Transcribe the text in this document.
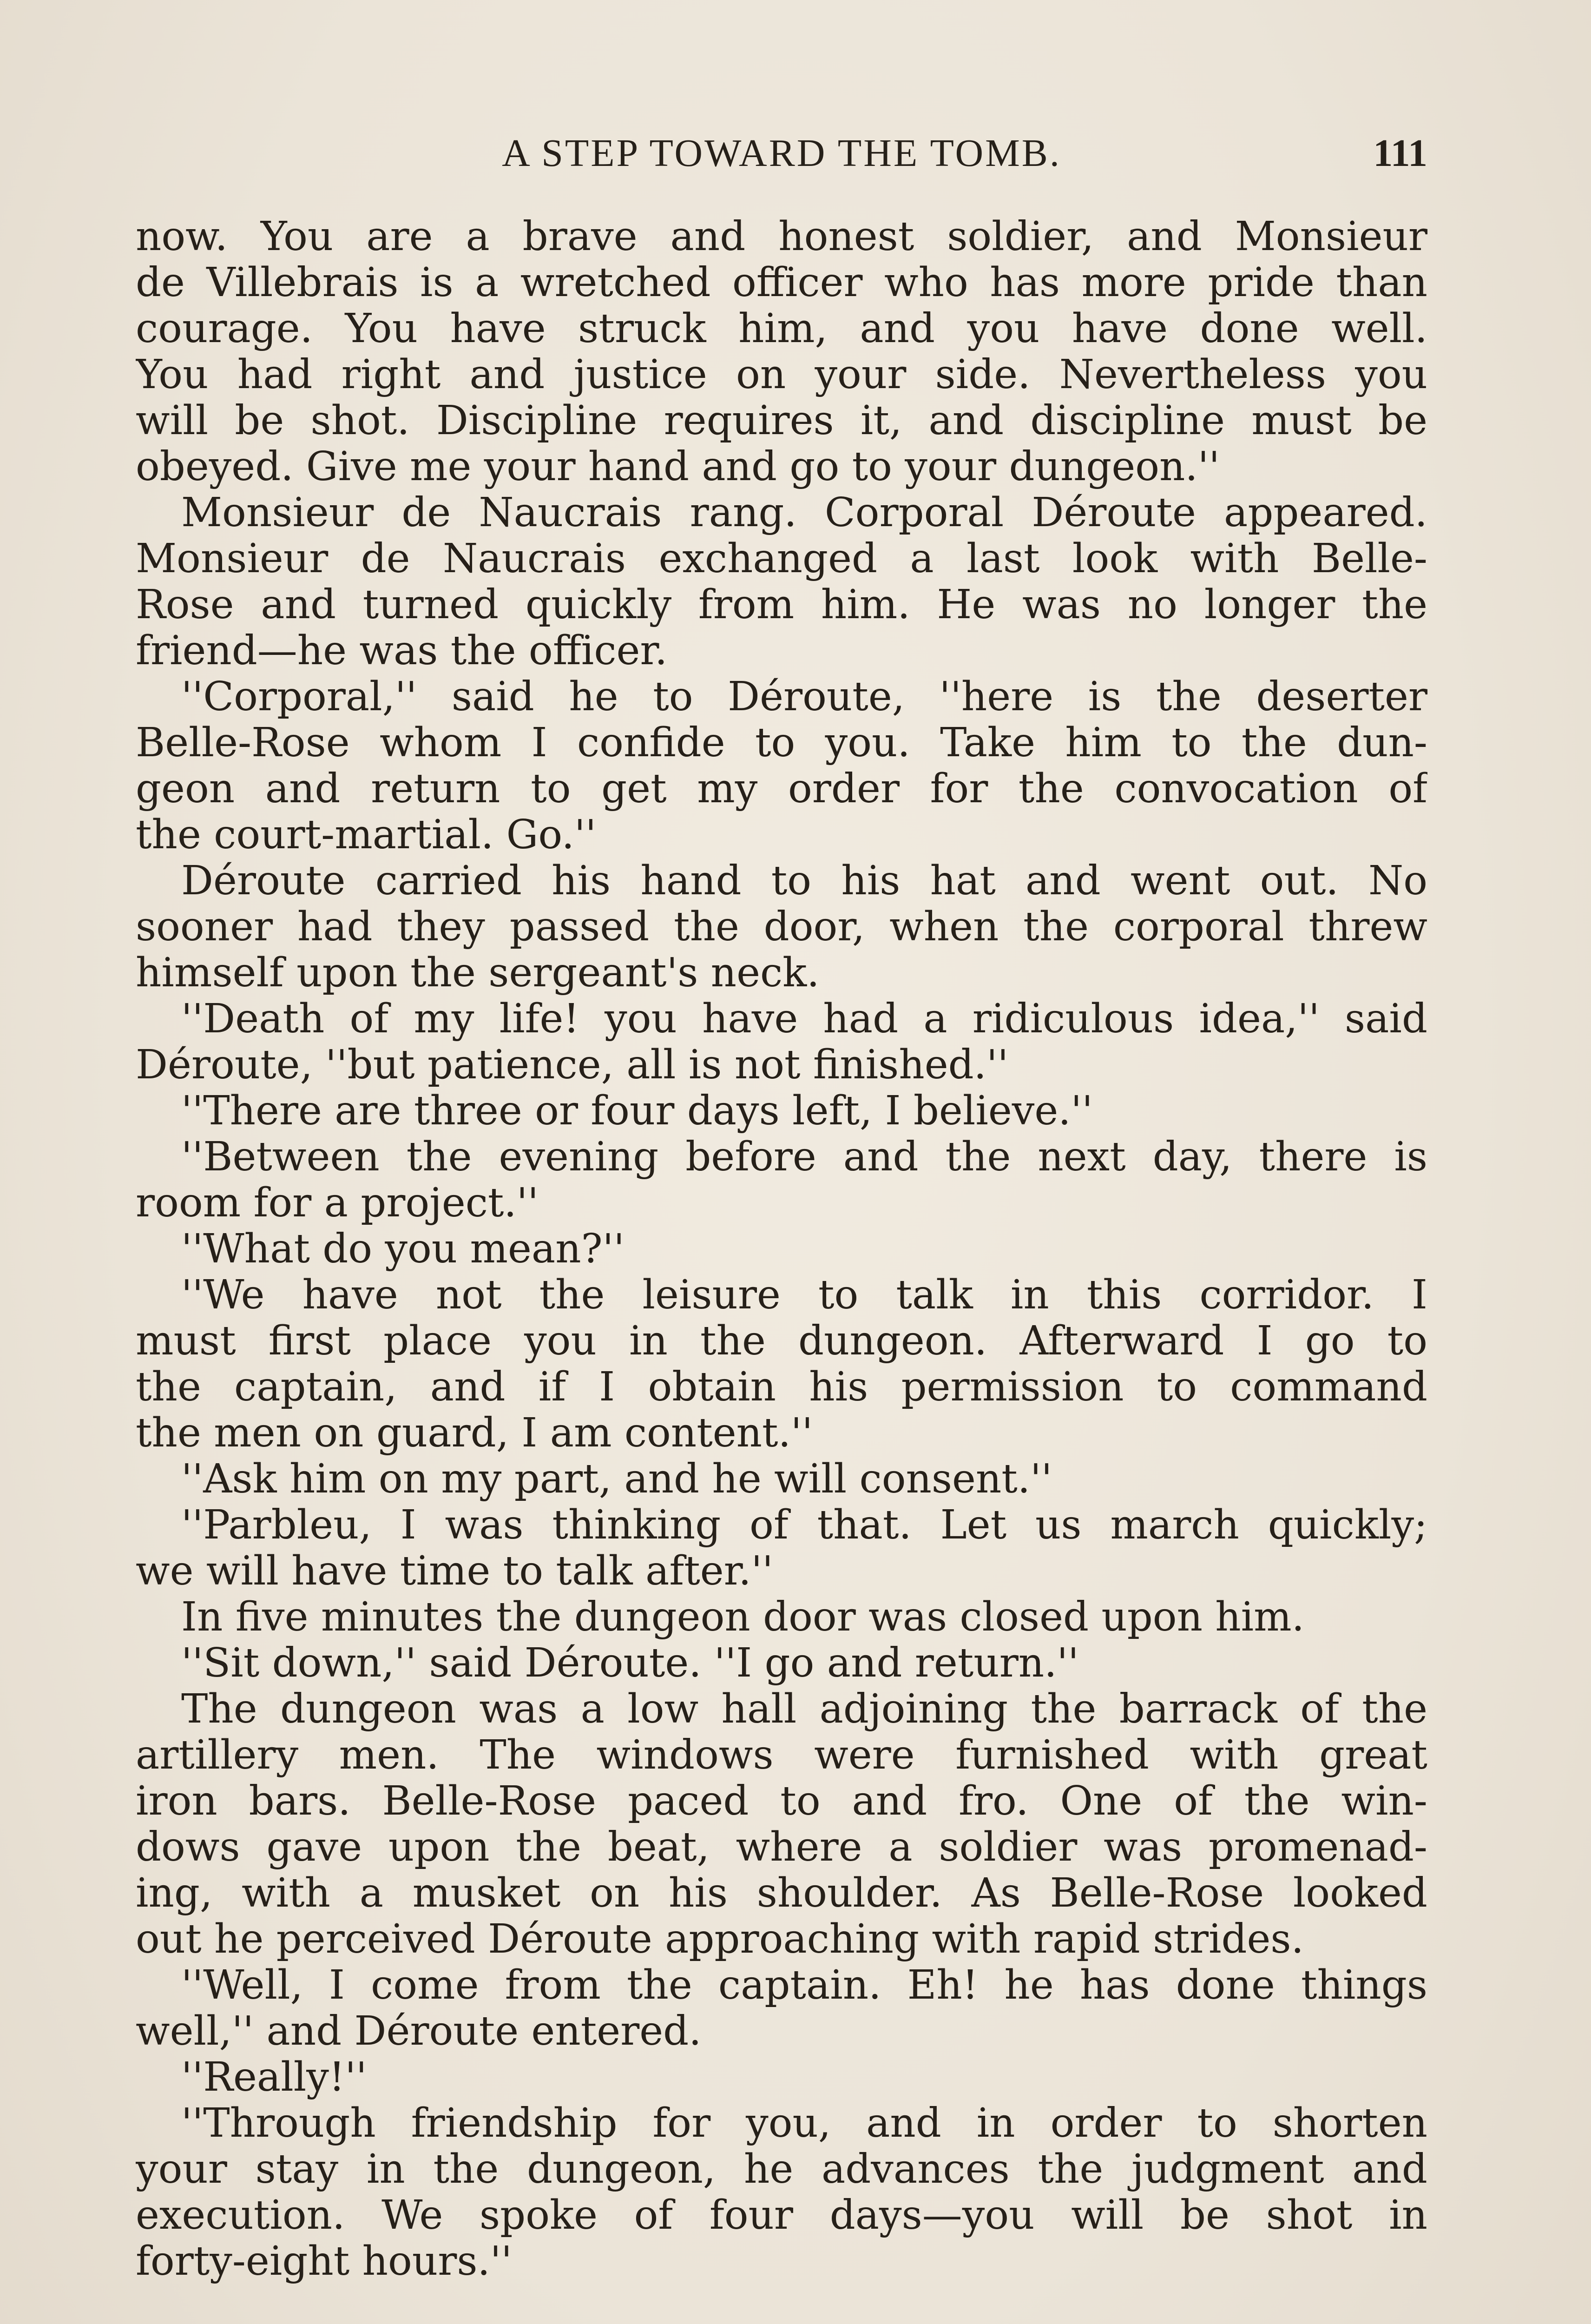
A STEP TOWARD THE TOMB.	111
now. You are a brave and honest soldier, and Monsieur
de Villebrais is a wretched officer who has more pride than
courage. You have struck him, and you have done well.
You had right and justice on your side. Nevertheless you
will be shot. Discipline requires it, and discipline must be
obeyed. Give me your hand and go to your dungeon.''
Monsieur de Naucrais rang. Corporal Déroute appeared.
Monsieur de Naucrais exchanged a last look with Belle-
Rose and turned quickly from him. He was no longer the
friend—he was the officer.
''Corporal,'' said he to Déroute, ''here is the deserter
Belle-Rose whom I confide to you. Take him to the dun-
geon and return to get my order for the convocation of
the court-martial. Go.''
Déroute carried his hand to his hat and went out. No
sooner had they passed the door, when the corporal threw
himself upon the sergeant's neck.
''Death of my life! you have had a ridiculous idea,'' said
Déroute, ''but patience, all is not finished.''
''There are three or four days left, I believe.''
''Between the evening before and the next day, there is
room for a project.''
''What do you mean?''
''We have not the leisure to talk in this corridor. I
must first place you in the dungeon. Afterward I go to
the captain, and if I obtain his permission to command
the men on guard, I am content.''
''Ask him on my part, and he will consent.''
''Parbleu, I was thinking of that. Let us march quickly;
we will have time to talk after.''
In five minutes the dungeon door was closed upon him.
''Sit down,'' said Déroute. ''I go and return.''
The dungeon was a low hall adjoining the barrack of the
artillery men. The windows were furnished with great
iron bars. Belle-Rose paced to and fro. One of the win-
dows gave upon the beat, where a soldier was promenad-
ing, with a musket on his shoulder. As Belle-Rose looked
out he perceived Déroute approaching with rapid strides.
''Well, I come from the captain. Eh! he has done things
well,'' and Déroute entered.
''Really!''
''Through friendship for you, and in order to shorten
your stay in the dungeon, he advances the judgment and
execution. We spoke of four days—you will be shot in
forty-eight hours.''
